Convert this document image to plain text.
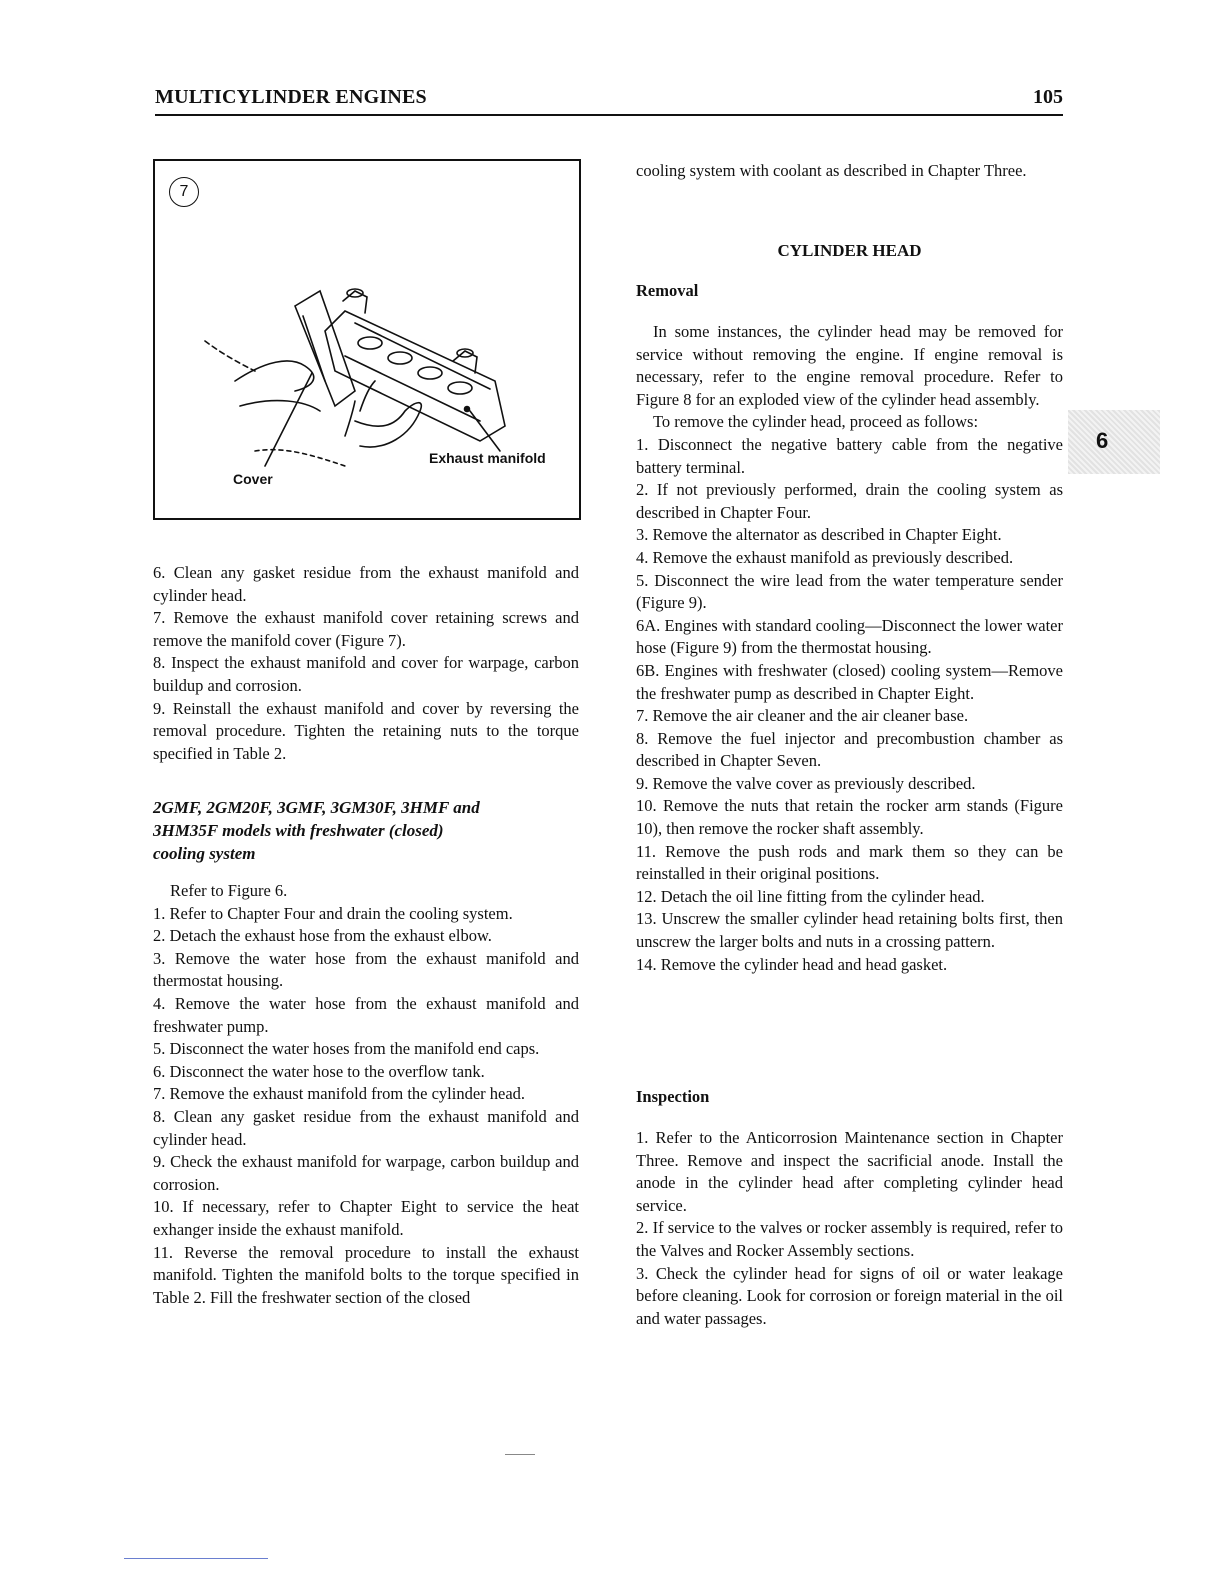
MULTICYLINDER ENGINES	105
7
Exhaust manifold
Cover

6. Clean any gasket residue from the exhaust manifold and cylinder head.

7. Remove the exhaust manifold cover retaining screws and remove the manifold cover (Figure 7).

8. Inspect the exhaust manifold and cover for warpage, carbon buildup and corrosion.

9. Reinstall the exhaust manifold and cover by reversing the removal procedure. Tighten the retaining nuts to the torque specified in Table 2.

2GMF, 2GM20F, 3GMF, 3GM30F, 3HMF and
3HM35F models with freshwater (closed)
cooling system

Refer to Figure 6.

1. Refer to Chapter Four and drain the cooling system.

2. Detach the exhaust hose from the exhaust elbow.

3. Remove the water hose from the exhaust manifold and thermostat housing.

4. Remove the water hose from the exhaust manifold and freshwater pump.

5. Disconnect the water hoses from the manifold end caps.

6. Disconnect the water hose to the overflow tank.

7. Remove the exhaust manifold from the cylinder head.

8. Clean any gasket residue from the exhaust manifold and cylinder head.

9. Check the exhaust manifold for warpage, carbon buildup and corrosion.

10. If necessary, refer to Chapter Eight to service the heat exhanger inside the exhaust manifold.

11. Reverse the removal procedure to install the exhaust manifold. Tighten the manifold bolts to the torque specified in Table 2. Fill the freshwater section of the closed

cooling system with coolant as described in Chapter Three.

CYLINDER HEAD
Removal

In some instances, the cylinder head may be removed for service without removing the engine. If engine removal is necessary, refer to the engine removal procedure. Refer to Figure 8 for an exploded view of the cylinder head assembly.

To remove the cylinder head, proceed as follows:

1. Disconnect the negative battery cable from the negative battery terminal.

2. If not previously performed, drain the cooling system as described in Chapter Four.

3. Remove the alternator as described in Chapter Eight.

4. Remove the exhaust manifold as previously described.

5. Disconnect the wire lead from the water temperature sender (Figure 9).

6A. Engines with standard cooling—Disconnect the lower water hose (Figure 9) from the thermostat housing.

6B. Engines with freshwater (closed) cooling system—Remove the freshwater pump as described in Chapter Eight.

7. Remove the air cleaner and the air cleaner base.

8. Remove the fuel injector and precombustion chamber as described in Chapter Seven.

9. Remove the valve cover as previously described.

10. Remove the nuts that retain the rocker arm stands (Figure 10), then remove the rocker shaft assembly.

11. Remove the push rods and mark them so they can be reinstalled in their original positions.

12. Detach the oil line fitting from the cylinder head.

13. Unscrew the smaller cylinder head retaining bolts first, then unscrew the larger bolts and nuts in a crossing pattern.

14. Remove the cylinder head and head gasket.

Inspection

1. Refer to the Anticorrosion Maintenance section in Chapter Three. Remove and inspect the sacrificial anode. Install the anode in the cylinder head after completing cylinder head service.

2. If service to the valves or rocker assembly is required, refer to the Valves and Rocker Assembly sections.

3. Check the cylinder head for signs of oil or water leakage before cleaning. Look for corrosion or foreign material in the oil and water passages.

6
